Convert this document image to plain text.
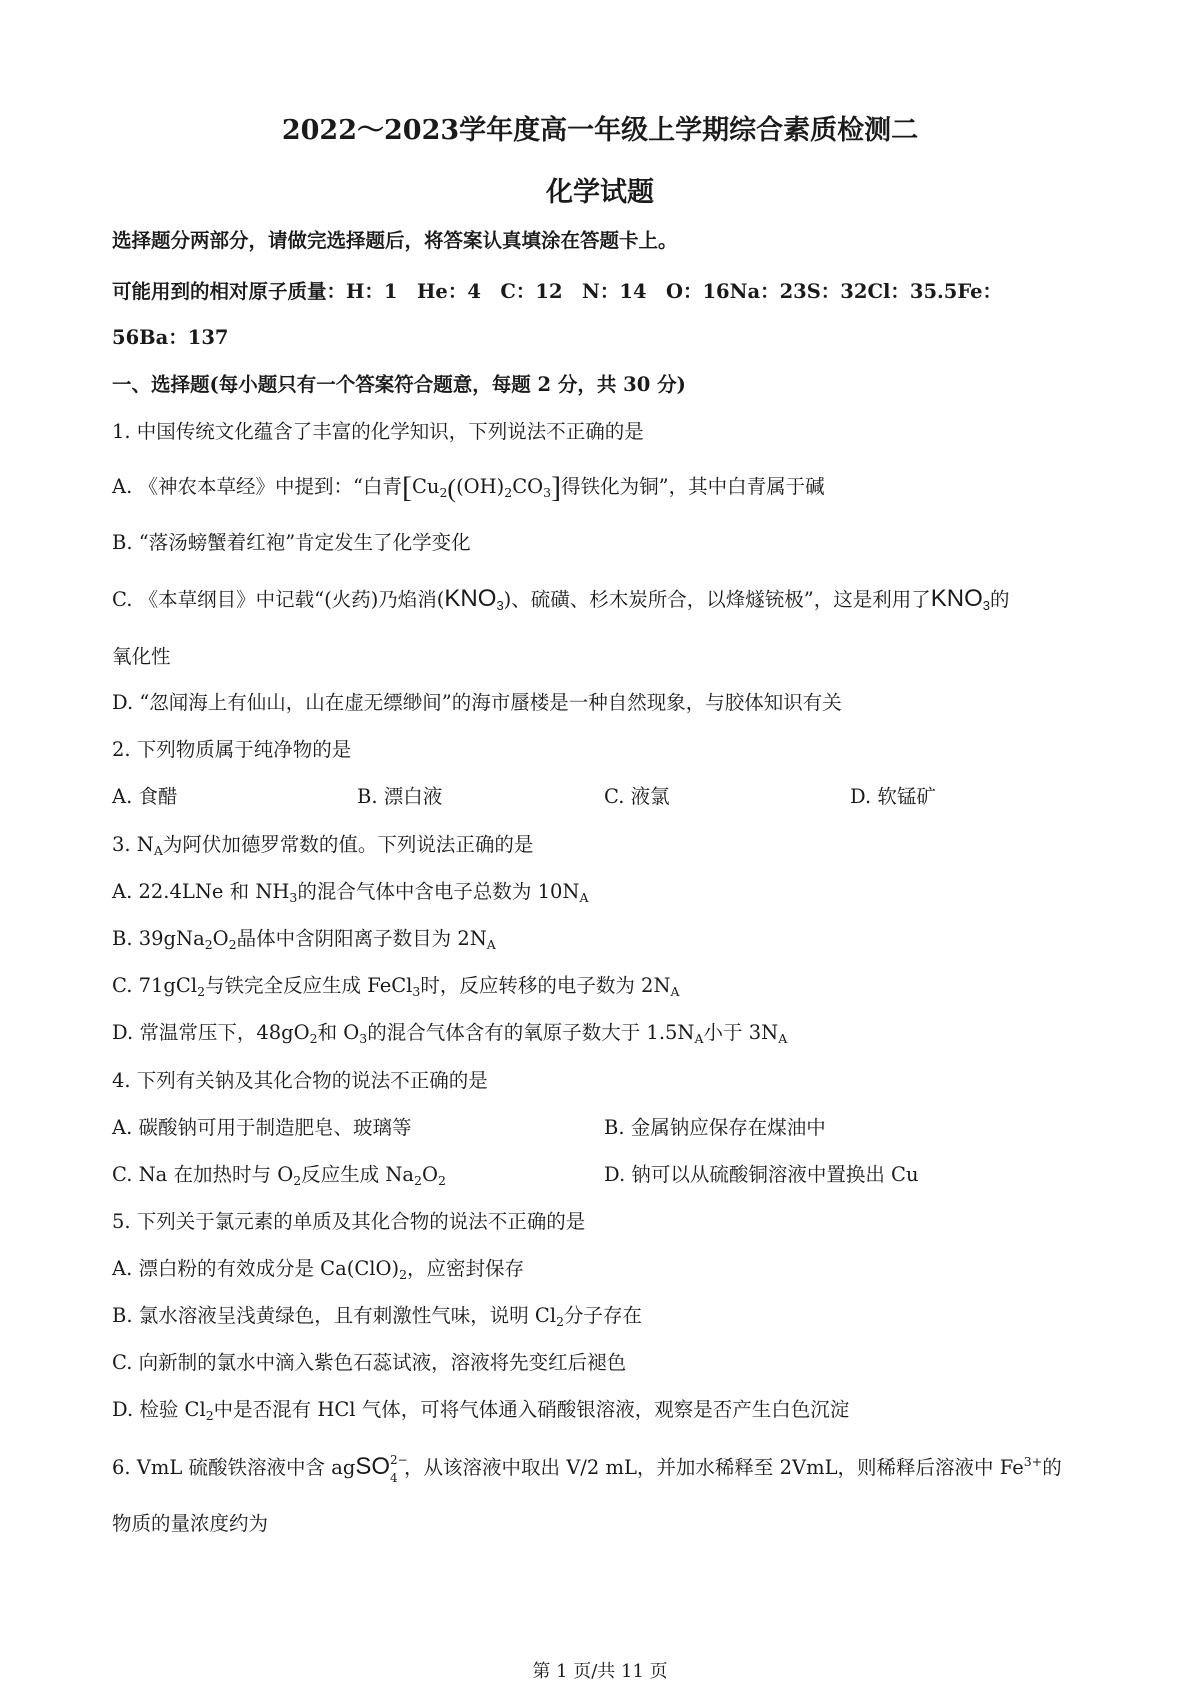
2022～2023学年度高一年级上学期综合素质检测二
化学试题
选择题分两部分，请做完选择题后，将答案认真填涂在答题卡上。
可能用到的相对原子质量：H：1　He：4　C：12　N：14　O：16Na：23S：32Cl：35.5Fe：
56Ba：137
一、选择题(每小题只有一个答案符合题意，每题 2 分，共 30 分)
1. 中国传统文化蕴含了丰富的化学知识，下列说法不正确的是
A. 《神农本草经》中提到：“白青[$Cu_2((OH)_2CO_3]$得铁化为铜”，其中白青属于碱
B. “落汤螃蟹着红袍”肯定发生了化学变化
C. 《本草纲目》中记载“(火药)乃焰消$(KNO_3)$、硫磺、杉木炭所合，以烽燧铳极”，这是利用了$KNO_3$的
氧化性
D. “忽闻海上有仙山，山在虚无缥缈间”的海市蜃楼是一种自然现象，与胶体知识有关
2. 下列物质属于纯净物的是
A. 食醋	B. 漂白液	C. 液氯	D. 软锰矿
3. $N_A$为阿伏加德罗常数的值。下列说法正确的是
A. 22.4LNe 和 $NH_3$的混合气体中含电子总数为 $10N_A$
B. $39gNa_2O_2$晶体中含阴阳离子数目为 $2N_A$
C. 71gCl$_2$与铁完全反应生成 FeCl$_3$时，反应转移的电子数为 $2N_A$
D. 常温常压下，$48gO_2$和 $O_3$的混合气体含有的氧原子数大于 $1.5N_A$小于 $3N_A$
4. 下列有关钠及其化合物的说法不正确的是
A. 碳酸钠可用于制造肥皂、玻璃等	B. 金属钠应保存在煤油中
C. Na 在加热时与 $O_2$反应生成 $Na_2O_2$	D. 钠可以从硫酸铜溶液中置换出 Cu
5. 下列关于氯元素的单质及其化合物的说法不正确的是
A. 漂白粉的有效成分是 $Ca(ClO)_2$，应密封保存
B. 氯水溶液呈浅黄绿色，且有刺激性气味，说明 $Cl_2$分子存在
C. 向新制的氯水中滴入紫色石蕊试液，溶液将先变红后褪色
D. 检验 $Cl_2$中是否混有 HCl 气体，可将气体通入硝酸银溶液，观察是否产生白色沉淀
6. VmL 硫酸铁溶液中含 agSO 2−
4 ，从该溶液中取出 V/2 mL，并加水稀释至 2VmL，则稀释后溶液中 $Fe^{3+}$的
物质的量浓度约为
第 1 页/共 11 页
